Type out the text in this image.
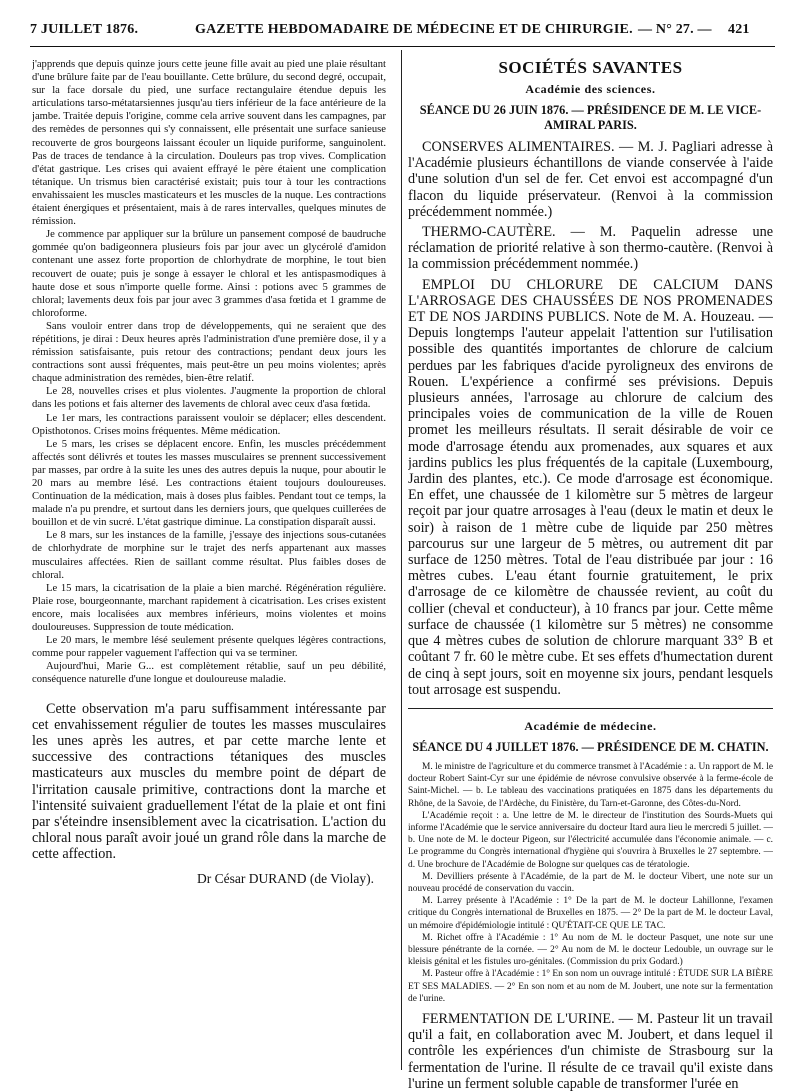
7 JUILLET 1876.	GAZETTE HEBDOMADAIRE DE MÉDECINE ET DE CHIRURGIE. — N° 27. — 421

j'apprends que depuis quinze jours cette jeune fille avait au pied une plaie résultant d'une brûlure faite par de l'eau bouillante. Cette brûlure, du second degré, occupait, sur la face dorsale du pied, une surface rectangulaire étendue depuis les articulations tarso-métatarsiennes jusqu'au tiers inférieur de la face antérieure de la jambe. Traitée depuis l'origine, comme cela arrive souvent dans les campagnes, par des remèdes de personnes qui s'y connaissent, elle présentait une surface sanieuse recouverte de gros bourgeons laissant écouler un liquide puriforme, sanguinolent. Pas de traces de tendance à la circulation. Douleurs pas trop vives. Complication d'état gastrique. Les crises qui avaient effrayé le père étaient une complication tétanique. Un trismus bien caractérisé existait; puis tour à tour les contractions envahissaient les muscles masticateurs et les muscles de la nuque. Les contractions étaient énergiques et présentaient, mais à de rares intervalles, quelques minutes de rémission.

Je commence par appliquer sur la brûlure un pansement composé de baudruche gommée qu'on badigeonnera plusieurs fois par jour avec un glycérolé d'amidon contenant une assez forte proportion de chlorhydrate de morphine, le tout bien recouvert de ouate; puis je songe à essayer le chloral et les antispasmodiques à haute dose et sous n'importe quelle forme. Ainsi : potions avec 5 grammes de chloral; lavements deux fois par jour avec 3 grammes d'asa fœtida et 1 gramme de chloroforme.

Sans vouloir entrer dans trop de développements, qui ne seraient que des répétitions, je dirai : Deux heures après l'administration d'une première dose, il y a rémission satisfaisante, puis retour des contractions; pendant deux jours les contractions sont aussi fréquentes, mais peut-être un peu moins violentes; après chaque administration des remèdes, bien-être relatif.

Le 28, nouvelles crises et plus violentes. J'augmente la proportion de chloral dans les potions et fais alterner des lavements de chloral avec ceux d'asa fœtida.

Le 1er mars, les contractions paraissent vouloir se déplacer; elles descendent. Opisthotonos. Crises moins fréquentes. Même médication.

Le 5 mars, les crises se déplacent encore. Enfin, les muscles précédemment affectés sont délivrés et toutes les masses musculaires se prennent successivement par masses, par ordre à la suite les unes des autres depuis la nuque, pour aboutir le 20 mars au membre lésé. Les contractions étaient toujours douloureuses. Continuation de la médication, mais à doses plus faibles. Pendant tout ce temps, la malade n'a pu prendre, et surtout dans les derniers jours, que quelques cuillerées de bouillon et de vin sucré. L'état gastrique diminue. La constipation disparaît aussi.

Le 8 mars, sur les instances de la famille, j'essaye des injections sous-cutanées de chlorhydrate de morphine sur le trajet des nerfs appartenant aux masses musculaires affectées. Rien de saillant comme résultat. Plus faibles doses de chloral.

Le 15 mars, la cicatrisation de la plaie a bien marché. Régénération régulière. Plaie rose, bourgeonnante, marchant rapidement à cicatrisation. Les crises existent encore, mais localisées aux membres inférieurs, moins violentes et moins douloureuses. Suppression de toute médication.

Le 20 mars, le membre lésé seulement présente quelques légères contractions, comme pour rappeler vaguement l'affection qui va se terminer.

Aujourd'hui, Marie G... est complètement rétablie, sauf un peu débilité, conséquence naturelle d'une longue et douloureuse maladie.

Cette observation m'a paru suffisamment intéressante par cet envahissement régulier de toutes les masses musculaires les unes après les autres, et par cette marche lente et successive des contractions tétaniques des muscles masticateurs aux muscles du membre point de départ de l'irritation causale primitive, contractions dont la marche et l'intensité suivaient graduellement l'état de la plaie et ont fini par s'éteindre insensiblement avec la cicatrisation. L'action du chloral nous paraît avoir joué un grand rôle dans la marche de cette affection.

Dr César DURAND (de Violay).
SOCIÉTÉS SAVANTES
Académie des sciences.
SÉANCE DU 26 JUIN 1876. — PRÉSIDENCE DE M. LE VICE-AMIRAL PARIS.

CONSERVES ALIMENTAIRES. — M. J. Pagliari adresse à l'Académie plusieurs échantillons de viande conservée à l'aide d'une solution d'un sel de fer. Cet envoi est accompagné d'un flacon du liquide préservateur. (Renvoi à la commission précédemment nommée.)

THERMO-CAUTÈRE. — M. Paquelin adresse une réclamation de priorité relative à son thermo-cautère. (Renvoi à la commission précédemment nommée.)

EMPLOI DU CHLORURE DE CALCIUM DANS L'ARROSAGE DES CHAUSSÉES DE NOS PROMENADES ET DE NOS JARDINS PUBLICS. Note de M. A. Houzeau. — Depuis longtemps l'auteur appelait l'attention sur l'utilisation possible des quantités importantes de chlorure de calcium perdues par les fabriques d'acide pyroligneux des environs de Rouen. L'expérience a confirmé ses prévisions. Depuis plusieurs années, l'arrosage au chlorure de calcium des principales voies de communication de la ville de Rouen promet les meilleurs résultats. Il serait désirable de voir ce mode d'arrosage étendu aux promenades, aux squares et aux jardins publics les plus fréquentés de la capitale (Luxembourg, Jardin des plantes, etc.). Ce mode d'arrosage est économique. En effet, une chaussée de 1 kilomètre sur 5 mètres de largeur reçoit par jour quatre arrosages à l'eau (deux le matin et deux le soir) à raison de 1 mètre cube de liquide par 250 mètres parcourus sur une largeur de 5 mètres, ou autrement dit par surface de 1250 mètres. Total de l'eau distribuée par jour : 16 mètres cubes. L'eau étant fournie gratuitement, le prix d'arrosage de ce kilomètre de chaussée revient, au coût du collier (cheval et conducteur), à 10 francs par jour. Cette même surface de chaussée (1 kilomètre sur 5 mètres) ne consomme que 4 mètres cubes de solution de chlorure marquant 33° B et coûtant 7 fr. 60 le mètre cube. Et ses effets d'humectation durent de cinq à sept jours, soit en moyenne six jours, pendant lesquels tout arrosage est suspendu.

Académie de médecine.
SÉANCE DU 4 JUILLET 1876. — PRÉSIDENCE DE M. CHATIN.

M. le ministre de l'agriculture et du commerce transmet à l'Académie : a. Un rapport de M. le docteur Robert Saint-Cyr sur une épidémie de névrose convulsive observée à la ferme-école de Saint-Michel. — b. Le tableau des vaccinations pratiquées en 1875 dans les départements du Rhône, de la Savoie, de l'Ardèche, du Finistère, du Tarn-et-Garonne, des Côtes-du-Nord.

L'Académie reçoit : a. Une lettre de M. le directeur de l'institution des Sourds-Muets qui informe l'Académie que le service anniversaire du docteur Itard aura lieu le mercredi 5 juillet. — b. Une note de M. le docteur Pigeon, sur l'électricité accumulée dans l'économie animale. — c. Le programme du Congrès international d'hygiène qui s'ouvrira à Bruxelles le 27 septembre. — d. Une brochure de l'Académie de Bologne sur quelques cas de tératologie.

M. Devilliers présente à l'Académie, de la part de M. le docteur Vibert, une note sur un nouveau procédé de conservation du vaccin.

M. Larrey présente à l'Académie : 1° De la part de M. le docteur Lahillonne, l'examen critique du Congrès international de Bruxelles en 1875. — 2° De la part de M. le docteur Laval, un mémoire d'épidémiologie intitulé : QU'ÉTAIT-CE QUE LE TAC.

M. Richet offre à l'Académie : 1° Au nom de M. le docteur Pasquet, une note sur une blessure pénétrante de la cornée. — 2° Au nom de M. le docteur Ledouble, un ouvrage sur le kleisis génital et les fistules uro-génitales. (Commission du prix Godard.)

M. Pasteur offre à l'Académie : 1° En son nom un ouvrage intitulé : ÉTUDE SUR LA BIÈRE ET SES MALADIES. — 2° En son nom et au nom de M. Joubert, une note sur la fermentation de l'urine.

FERMENTATION DE L'URINE. — M. Pasteur lit un travail qu'il a fait, en collaboration avec M. Joubert, et dans lequel il contrôle les expériences d'un chimiste de Strasbourg sur la fermentation de l'urine. Il résulte de ce travail qu'il existe dans l'urine un ferment soluble capable de transformer l'urée en
